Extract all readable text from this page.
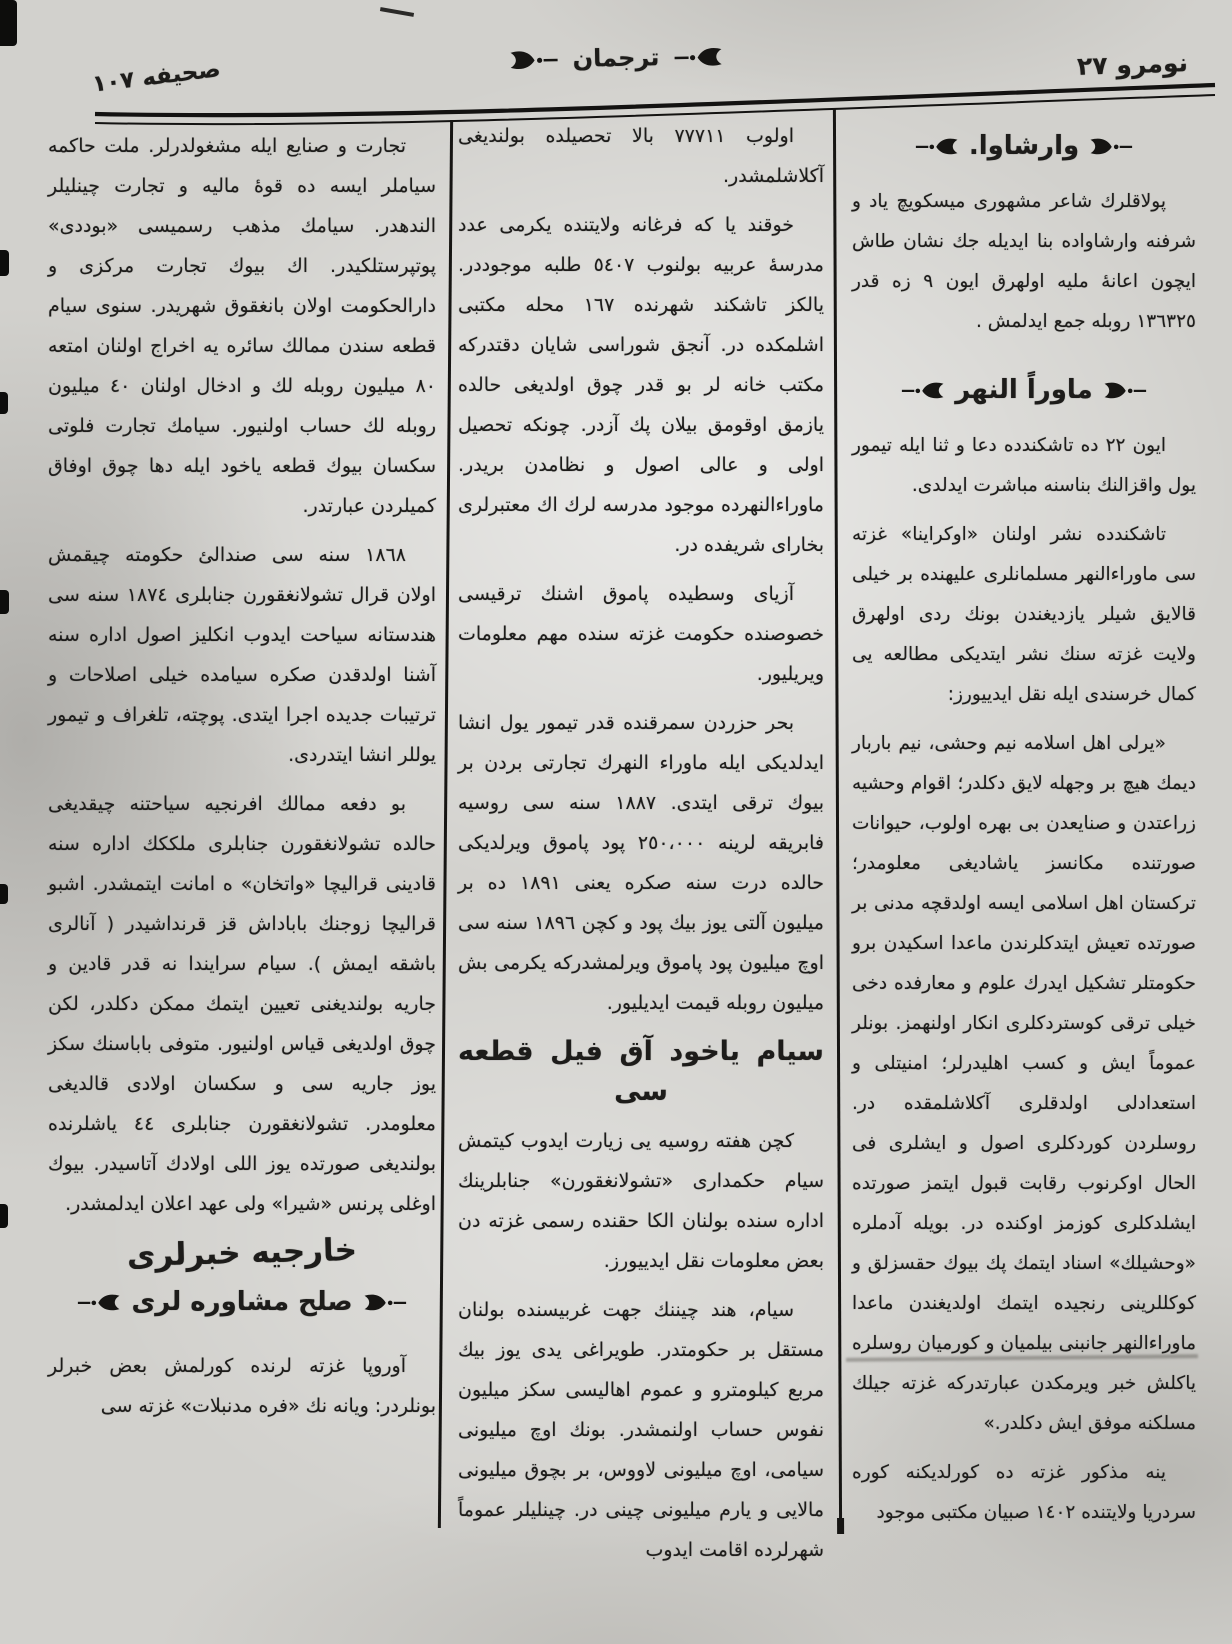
نومرو ٢٧
ترجمان
صحيفه ١٠٧
وارشاوا.

پولاقلرك شاعر مشهوری میسکویچ یاد و شرفنه وارشاواده بنا ایدیله جك نشان طاش ایچون اعانهٔ ملیه اولهرق ایون ٩ زه قدر ١٣٦٣٢٥ روبله جمع ایدلمش .

ماوراً النهر

ایون ٢٢ ده تاشکندده دعا و ثنا ایله تیمور یول واقزالنك بناسنه مباشرت ایدلدی.

تاشکندده نشر اولنان «اوکراینا» غزته سی ماوراءالنهر مسلمانلری علیهنده بر خیلی قالایق شیلر یازدیغندن بونك ردی اولهرق ولایت غزته سنك نشر ایتدیکی مطالعه یی کمال خرسندی ایله نقل ایدییورز:

«یرلی اهل اسلامه نیم وحشی، نیم باربار دیمك هیچ بر وجهله لایق دکلدر؛ اقوام وحشیه زراعتدن و صنایعدن بی بهره اولوب، حیوانات صورتنده مکانسز یاشادیغی معلومدر؛ ترکستان اهل اسلامی ایسه اولدقچه مدنی بر صورتده تعیش ایتدکلرندن ماعدا اسکیدن برو حکومتلر تشکیل ایدرك علوم و معارفده دخی خیلی ترقی کوستردکلری انکار اولنهمز. بونلر عموماً ایش و کسب اهلیدرلر؛ امنیتلی و استعدادلی اولدقلری آکلاشلمقده در. روسلردن کوردکلری اصول و ایشلری فی الحال اوکرنوب رقابت قبول ایتمز صورتده ایشلدکلری کوزمز اوکنده در. بویله آدملره «وحشیلك» اسناد ایتمك پك بیوك حقسزلق و کوکللرینی رنجیده ایتمك اولدیغندن ماعدا ماوراءالنهر جانبنی بیلمیان و کورمیان روسلره یاکلش خبر ویرمکدن عبارتدرکه غزته جیلك مسلکنه موفق ایش دکلدر.»

ینه مذکور غزته ده کورلدیکنه کوره سردریا ولایتنده ١٤٠٢ صبیان مکتبی موجود

اولوب ٧٧٧١١ بالا تحصیلده بولندیغی آکلاشلمشدر.

خوقند یا که فرغانه ولایتنده یکرمی عدد مدرسهٔ عربیه بولنوب ٥٤٠٧ طلبه موجوددر. یالکز تاشکند شهرنده ١٦٧ محله مکتبی اشلمکده در. آنجق شوراسی شایان دقتدرکه مکتب خانه لر بو قدر چوق اولدیغی حالده یازمق اوقومق بیلان پك آزدر. چونکه تحصیل اولی و عالی اصول و نظامدن بریدر. ماوراءالنهرده موجود مدرسه لرك اك معتبرلری بخارای شریفده در.

آزیای وسطیده پاموق اشنك ترقیسی خصوصنده حکومت غزته سنده مهم معلومات ویریلیور.

بحر حزردن سمرقنده قدر تیمور یول انشا ایدلدیکی ایله ماوراء النهرك تجارتی بردن بر بیوك ترقی ایتدی. ١٨٨٧ سنه سی روسیه فابریقه لرینه ٢٥٠،٠٠٠ پود پاموق ویرلدیکی حالده درت سنه صکره یعنی ١٨٩١ ده بر میلیون آلتی یوز بیك پود و کچن ١٨٩٦ سنه سی اوچ میلیون پود پاموق ویرلمشدرکه یکرمی بش میلیون روبله قیمت ایدیلیور.

سیام یاخود آق فیل قطعه سی

کچن هفته روسیه یی زیارت ایدوب کیتمش سیام حکمداری «تشولانغقورن» جنابلرینك اداره سنده بولنان الکا حقنده رسمی غزته دن بعض معلومات نقل ایدییورز.

سیام، هند چیننك جهت غربیسنده بولنان مستقل بر حکومتدر. طویراغی یدی یوز بیك مربع کیلومترو و عموم اهالیسی سکز میلیون نفوس حساب اولنمشدر. بونك اوچ میلیونی سیامی، اوچ میلیونی لاووس، بر بچوق میلیونی مالایی و یارم میلیونی چینی در. چینلیلر عموماً شهرلرده اقامت ایدوب

تجارت و صنایع ایله مشغولدرلر. ملت حاکمه سیاملر ایسه ده قوهٔ مالیه و تجارت چینلیلر الندهدر. سیامك مذهب رسمیسی «بوددی» پوتپرستلکیدر. اك بیوك تجارت مرکزی و دارالحکومت اولان بانغقوق شهریدر. سنوی سیام قطعه سندن ممالك سائره یه اخراج اولنان امتعه ٨٠ میلیون روبله لك و ادخال اولنان ٤٠ میلیون روبله لك حساب اولنیور. سیامك تجارت فلوتی سکسان بیوك قطعه یاخود ایله دها چوق اوفاق کمیلردن عبارتدر.

١٨٦٨ سنه سی صندالئ حکومته چیقمش اولان قرال تشولانغقورن جنابلری ١٨٧٤ سنه سی هندستانه سیاحت ایدوب انکلیز اصول اداره سنه آشنا اولدقدن صکره سیامده خیلی اصلاحات و ترتیبات جدیده اجرا ایتدی. پوچته، تلغراف و تیمور یوللر انشا ایتدردی.

بو دفعه ممالك افرنجیه سیاحتنه چیقدیغی حالده تشولانغقورن جنابلری ملککك اداره سنه قادینی قرالیچا «واتخان» ه امانت ایتمشدر. اشبو قرالیچا زوجنك باباداش قز قرنداشیدر ( آنالری باشقه ایمش ). سیام سرایندا نه قدر قادین و جاریه بولندیغنی تعیین ایتمك ممکن دکلدر، لکن چوق اولدیغی قیاس اولنیور. متوفی باباسنك سکز یوز جاریه سی و سکسان اولادی قالدیغی معلومدر. تشولانغقورن جنابلری ٤٤ یاشلرنده بولندیغی صورتده یوز اللی اولادك آتاسیدر. بیوك اوغلی پرنس «شیرا» ولی عهد اعلان ایدلمشدر.

خارجیه خبرلری

صلح مشاوره لری

آوروپا غزته لرنده کورلمش بعض خبرلر بونلردر: ویانه نك «فره مدنبلات» غزته سی
